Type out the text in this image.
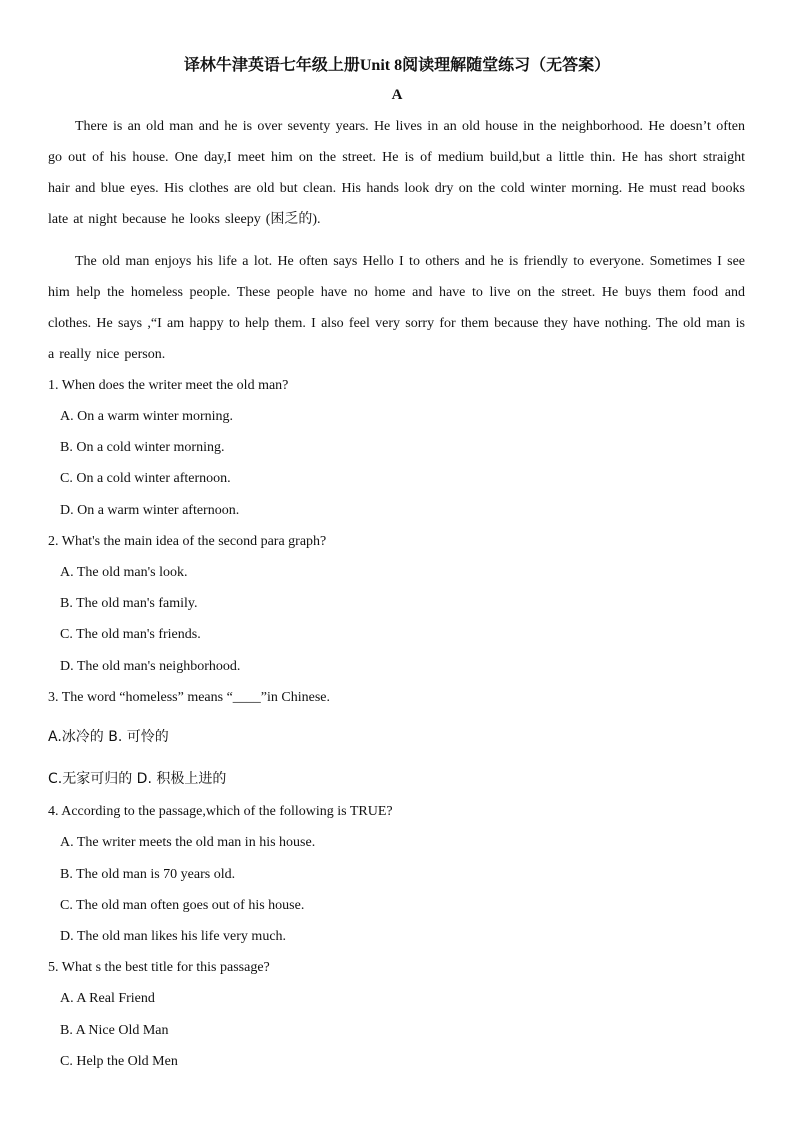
译林牛津英语七年级上册Unit 8阅读理解随堂练习（无答案）
A
There is an old man and he is over seventy years. He lives in an old house in the neighborhood. He doesn’t often go out of his house. One day,I meet him on the street. He is of medium build,but a little thin. He has short straight hair and blue eyes. His clothes are old but clean. His hands look dry on the cold winter morning. He must read books late at night because he looks sleepy (困乏的).
The old man enjoys his life a lot. He often says Hello I to others and he is friendly to everyone. Sometimes I see him help the homeless people. These people have no home and have to live on the street. He buys them food and clothes. He says ,“I am happy to help them. I also feel very sorry for them because they have nothing. The old man is a really nice person.
1. When does the writer meet the old man?
A. On a warm winter morning.
B. On a cold winter morning.
C. On a cold winter afternoon.
D. On a warm winter afternoon.
2. What's the main idea of the second para graph?
A. The old man's look.
B. The old man's family.
C. The old man's friends.
D. The old man's neighborhood.
3. The word “homeless” means “____”in Chinese.
A.冰冷的 B. 可怜的
C.无家可归的 D. 积极上进的
4. According to the passage,which of the following is TRUE?
A. The writer meets the old man in his house.
B. The old man is 70 years old.
C. The old man often goes out of his house.
D. The old man likes his life very much.
5. What s the best title for this passage?
A. A Real Friend
B. A Nice Old Man
C. Help the Old Men
